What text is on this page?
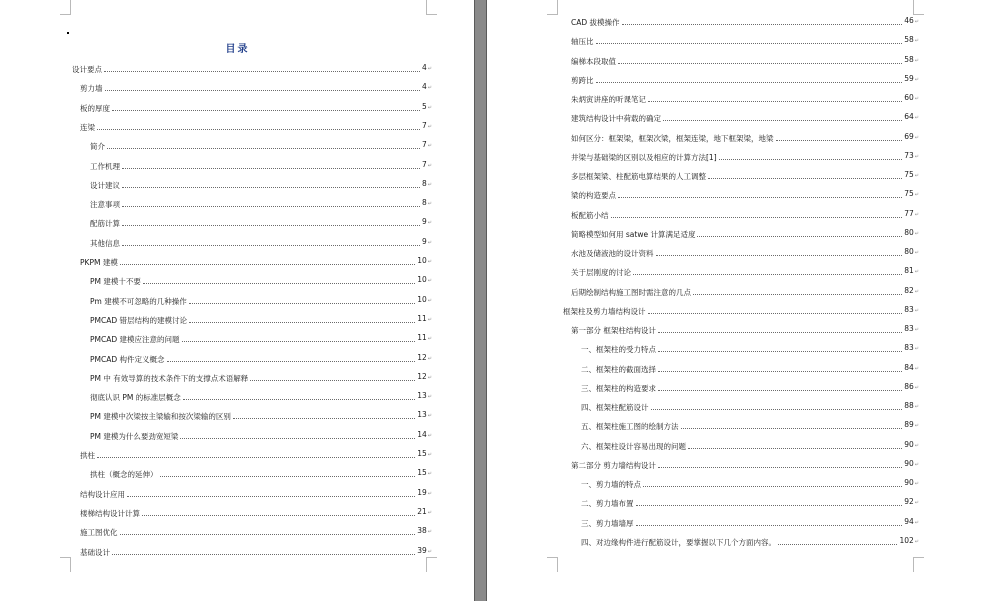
目录
设计要点	4 ↵
剪力墙	4 ↵
板的厚度	5 ↵
连梁	7 ↵
简介	7 ↵
工作机理	7 ↵
设计建议	8 ↵
注意事项	8 ↵
配筋计算	9 ↵
其他信息	9 ↵
PKPM 建模	10 ↵
PM 建模十不要	10 ↵
Pm 建模不可忽略的几种操作	10 ↵
PMCAD 错层结构的建模讨论	11 ↵
PMCAD 建模应注意的问题	11 ↵
PMCAD 构件定义概念	12 ↵
PM 中 有效导算的技术条件下的支撑点术语解释	12 ↵
彻底认识 PM 的标准层概念	13 ↵
PM 建模中次梁按主梁输和按次梁输的区别	13 ↵
PM 建模为什么要劲宽短梁	14 ↵
拱柱	15 ↵
拱柱（概念的延伸）	15 ↵
结构设计应用	19 ↵
楼梯结构设计计算	21 ↵
施工图优化	38 ↵
基础设计	39 ↵
CAD 拔模操作	46 ↵
轴压比	58 ↵
编梯本段取值	58 ↵
剪跨比	59 ↵
朱炳寅讲座的听课笔记	60 ↵
建筑结构设计中荷载的确定	64 ↵
如何区分：框架梁，框架次梁，框架连梁，地下框架梁，地梁	69 ↵
井梁与基础梁的区别以及相应的计算方法[1]	73 ↵
多层框架梁、柱配筋电算结果的人工调整	75 ↵
梁的构造要点	75 ↵
板配筋小结	77 ↵
简略模型如何用 satwe 计算满足适度	80 ↵
水池及储液池的设计资料	80 ↵
关于层刚度的讨论	81 ↵
后期绘制结构施工图时需注意的几点	82 ↵
框架柱及剪力墙结构设计	83 ↵
第一部分 框架柱结构设计	83 ↵
一、框架柱的受力特点	83 ↵
二、框架柱的截面选择	84 ↵
三、框架柱的构造要求	86 ↵
四、框架柱配筋设计	88 ↵
五、框架柱施工图的绘制方法	89 ↵
六、框架柱设计容易出现的问题	90 ↵
第二部分 剪力墙结构设计	90 ↵
一、剪力墙的特点	90 ↵
二、剪力墙布置	92 ↵
三、剪力墙墙厚	94 ↵
四、对边缘构件进行配筋设计，要掌握以下几个方面内容。	102 ↵
